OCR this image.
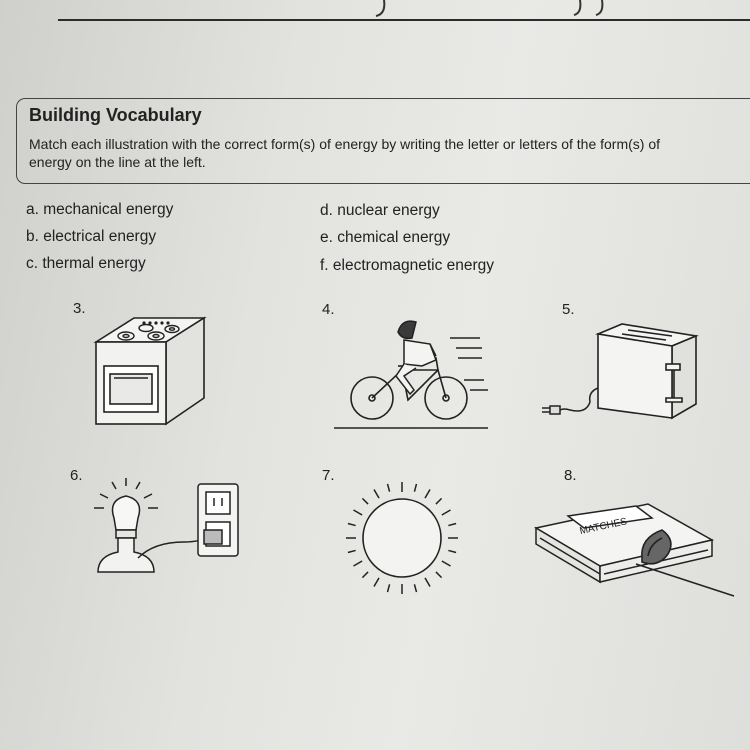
Building Vocabulary
Match each illustration with the correct form(s) of energy by writing the letter or letters of the form(s) of energy on the line at the left.
a. mechanical energy
b. electrical energy
c. thermal energy
d. nuclear energy
e. chemical energy
f. electromagnetic energy
3.	4.	5.
6.	7.	8.
MATCHES
